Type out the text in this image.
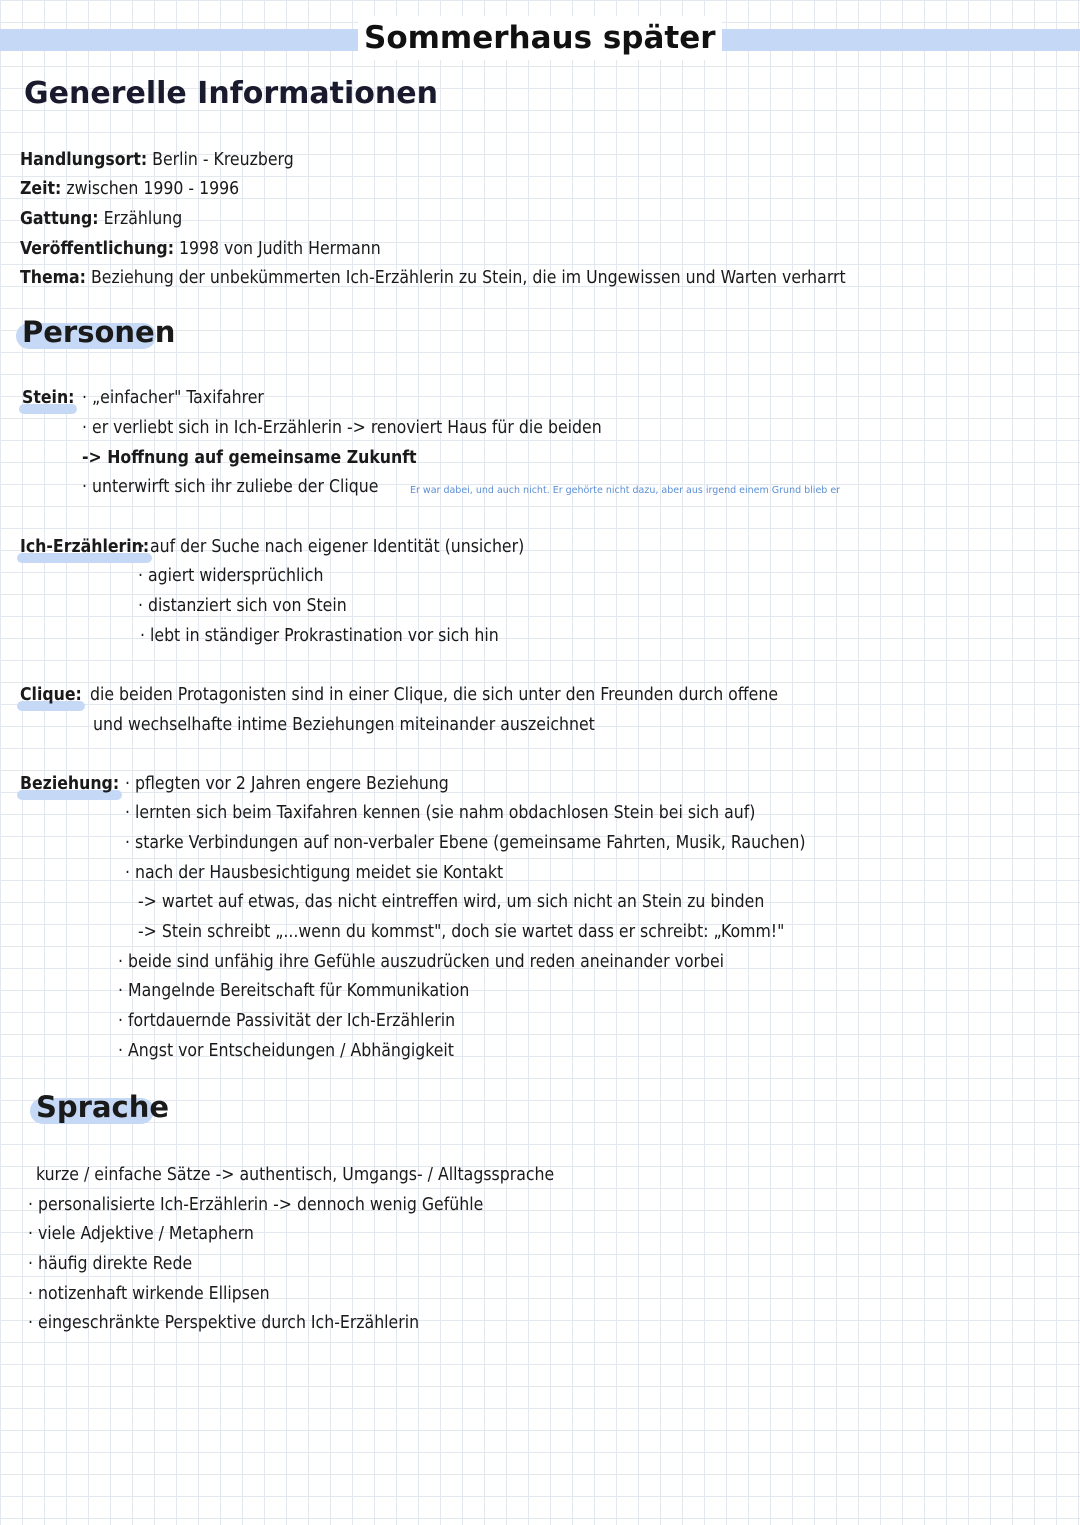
Sommerhaus später
Generelle Informationen
Handlungsort: Berlin - Kreuzberg
Zeit: zwischen 1990 - 1996
Gattung: Erzählung
Veröffentlichung: 1998 von Judith Hermann
Thema: Beziehung der unbekümmerten Ich-Erzählerin zu Stein, die im Ungewissen und Warten verharrt
Personen
Stein: · „einfacher" Taxifahrer
· er verliebt sich in Ich-Erzählerin -> renoviert Haus für die beiden
-> Hoffnung auf gemeinsame Zukunft
· unterwirft sich ihr zuliebe der Clique	Er war dabei, und auch nicht. Er gehörte nicht dazu, aber aus irgend einem Grund blieb er
Ich-Erzählerin:
· auf der Suche nach eigener Identität (unsicher)
· agiert widersprüchlich
· distanziert sich von Stein
· lebt in ständiger Prokrastination vor sich hin
Clique: die beiden Protagonisten sind in einer Clique, die sich unter den Freunden durch offene
und wechselhafte intime Beziehungen miteinander auszeichnet
Beziehung: · pflegten vor 2 Jahren engere Beziehung
· lernten sich beim Taxifahren kennen (sie nahm obdachlosen Stein bei sich auf)
· starke Verbindungen auf non-verbaler Ebene (gemeinsame Fahrten, Musik, Rauchen)
· nach der Hausbesichtigung meidet sie Kontakt
-> wartet auf etwas, das nicht eintreffen wird, um sich nicht an Stein zu binden
-> Stein schreibt „...wenn du kommst", doch sie wartet dass er schreibt: „Komm!"
· beide sind unfähig ihre Gefühle auszudrücken und reden aneinander vorbei
· Mangelnde Bereitschaft für Kommunikation
· fortdauernde Passivität der Ich-Erzählerin
· Angst vor Entscheidungen / Abhängigkeit
Sprache
kurze / einfache Sätze -> authentisch, Umgangs- / Alltagssprache
· personalisierte Ich-Erzählerin -> dennoch wenig Gefühle
· viele Adjektive / Metaphern
· häufig direkte Rede
· notizenhaft wirkende Ellipsen
· eingeschränkte Perspektive durch Ich-Erzählerin
